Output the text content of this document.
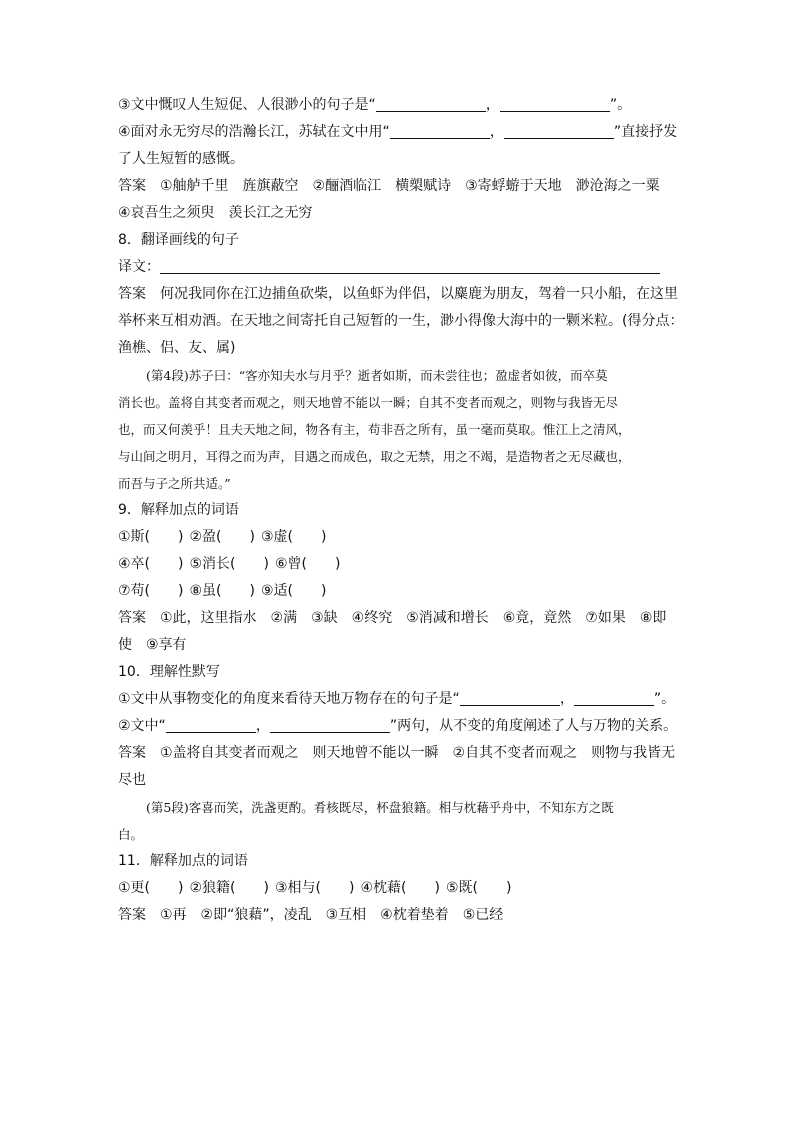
③文中慨叹人生短促、人很渺小的句子是“	，	”。
④面对永无穷尽的浩瀚长江，苏轼在文中用“	，	”直接抒发
了人生短暂的感慨。
答案 ①舳舻千里　旌旗蔽空　②酾酒临江　横槊赋诗　③寄蜉蝣于天地　渺沧海之一粟
④哀吾生之须臾　羡长江之无穷
8．翻译画线的句子
译文：
答案 何况我同你在江边捕鱼砍柴，以鱼虾为伴侣，以麋鹿为朋友，驾着一只小船，在这里
举杯来互相劝酒。在天地之间寄托自己短暂的一生，渺小得像大海中的一颗米粒。(得分点：
渔樵、侣、友、属)
(第4段)苏子曰：“客亦知夫水与月乎？逝者如斯，而未尝往也；盈虚者如彼，而卒莫
消长也。盖将自其变者而观之，则天地曾不能以一瞬；自其不变者而观之，则物与我皆无尽
也，而又何羡乎！且夫天地之间，物各有主，苟非吾之所有，虽一毫而莫取。惟江上之清风，
与山间之明月，耳得之而为声，目遇之而成色，取之无禁，用之不竭，是造物者之无尽藏也，
而吾与子之所共适。”
9．解释加点的词语
①斯(　　) ②盈(　　) ③虚(　　)
④卒(　　) ⑤消长(　　) ⑥曾(　　)
⑦苟(　　) ⑧虽(　　) ⑨适(　　)
答案 ①此，这里指水　②满　③缺　④终究　⑤消减和增长　⑥竟，竟然　⑦如果　⑧即
使　⑨享有
10．理解性默写
①文中从事物变化的角度来看待天地万物存在的句子是“	，	”。
②文中“	，	”两句，从不变的角度阐述了人与万物的关系。
答案 ①盖将自其变者而观之　则天地曾不能以一瞬　②自其不变者而观之　则物与我皆无
尽也
(第5段)客喜而笑，洗盏更酌。肴核既尽，杯盘狼籍。相与枕藉乎舟中，不知东方之既
白。
11．解释加点的词语
①更(　　) ②狼籍(　　) ③相与(　　) ④枕藉(　　) ⑤既(　　)
答案 ①再　②即“狼藉”，凌乱　③互相　④枕着垫着　⑤已经
